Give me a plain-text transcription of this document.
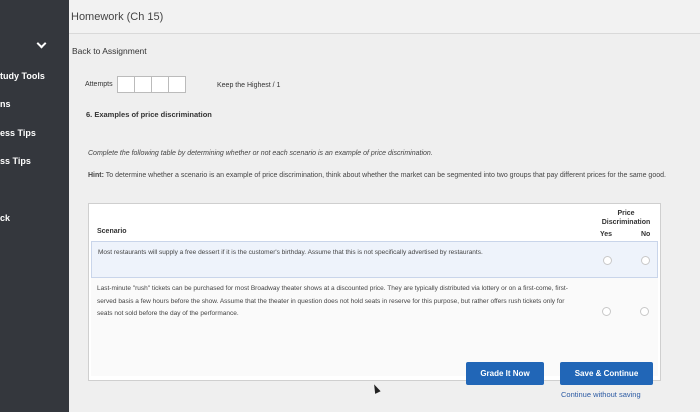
tudy Tools
ns
ess Tips
ss Tips
ck
Homework (Ch 15)
Back to Assignment
Attempts	Keep the Highest / 1
6. Examples of price discrimination
Complete the following table by determining whether or not each scenario is an example of price discrimination.
Hint: To determine whether a scenario is an example of price discrimination, think about whether the market can be segmented into two groups that pay different prices for the same good.
Scenario
Price Discrimination
Yes	No
Most restaurants will supply a free dessert if it is the customer's birthday. Assume that this is not specifically advertised by restaurants.
Last-minute "rush" tickets can be purchased for most Broadway theater shows at a discounted price. They are typically distributed via lottery or on a first-come, first-served basis a few hours before the show. Assume that the theater in question does not hold seats in reserve for this purpose, but rather offers rush tickets only for seats not sold before the day of the performance.
Grade It Now	Save & Continue
Continue without saving
